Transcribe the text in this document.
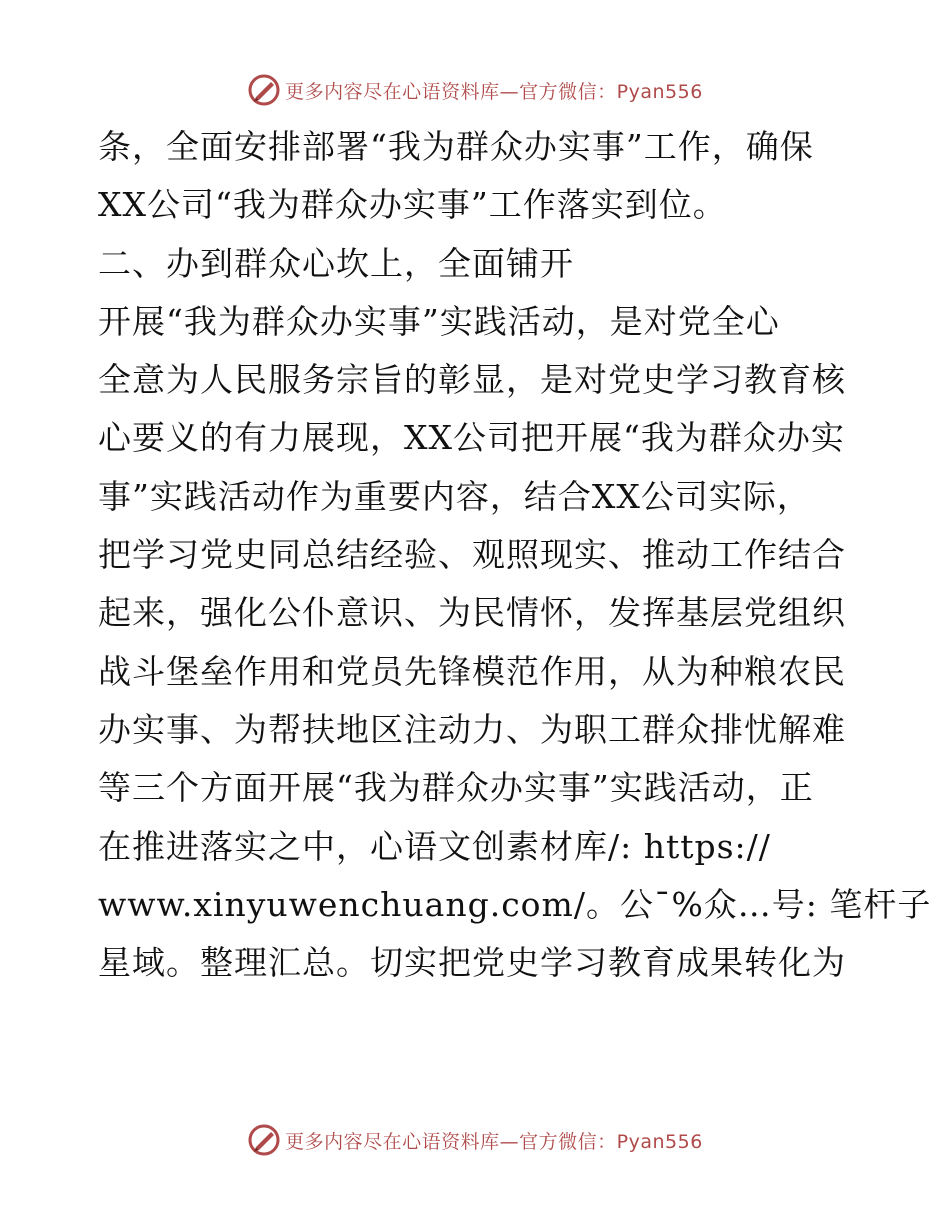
更多内容尽在心语资料库—官方微信：Pyan556
条，全面安排部署“我为群众办实事”工作，确保
XX公司“我为群众办实事”工作落实到位。
二、办到群众心坎上，全面铺开
开展“我为群众办实事”实践活动，是对党全心
全意为人民服务宗旨的彰显，是对党史学习教育核
心要义的有力展现，XX公司把开展“我为群众办实
事”实践活动作为重要内容，结合XX公司实际，
把学习党史同总结经验、观照现实、推动工作结合
起来，强化公仆意识、为民情怀，发挥基层党组织
战斗堡垒作用和党员先锋模范作用，从为种粮农民
办实事、为帮扶地区注动力、为职工群众排忧解难
等三个方面开展“我为群众办实事”实践活动，正
在推进落实之中，心语文创素材库/: https://
www.xinyuwenchuang.com/。公¯%众…号: 笔杆子
星域。整理汇总。切实把党史学习教育成果转化为
更多内容尽在心语资料库—官方微信：Pyan556
